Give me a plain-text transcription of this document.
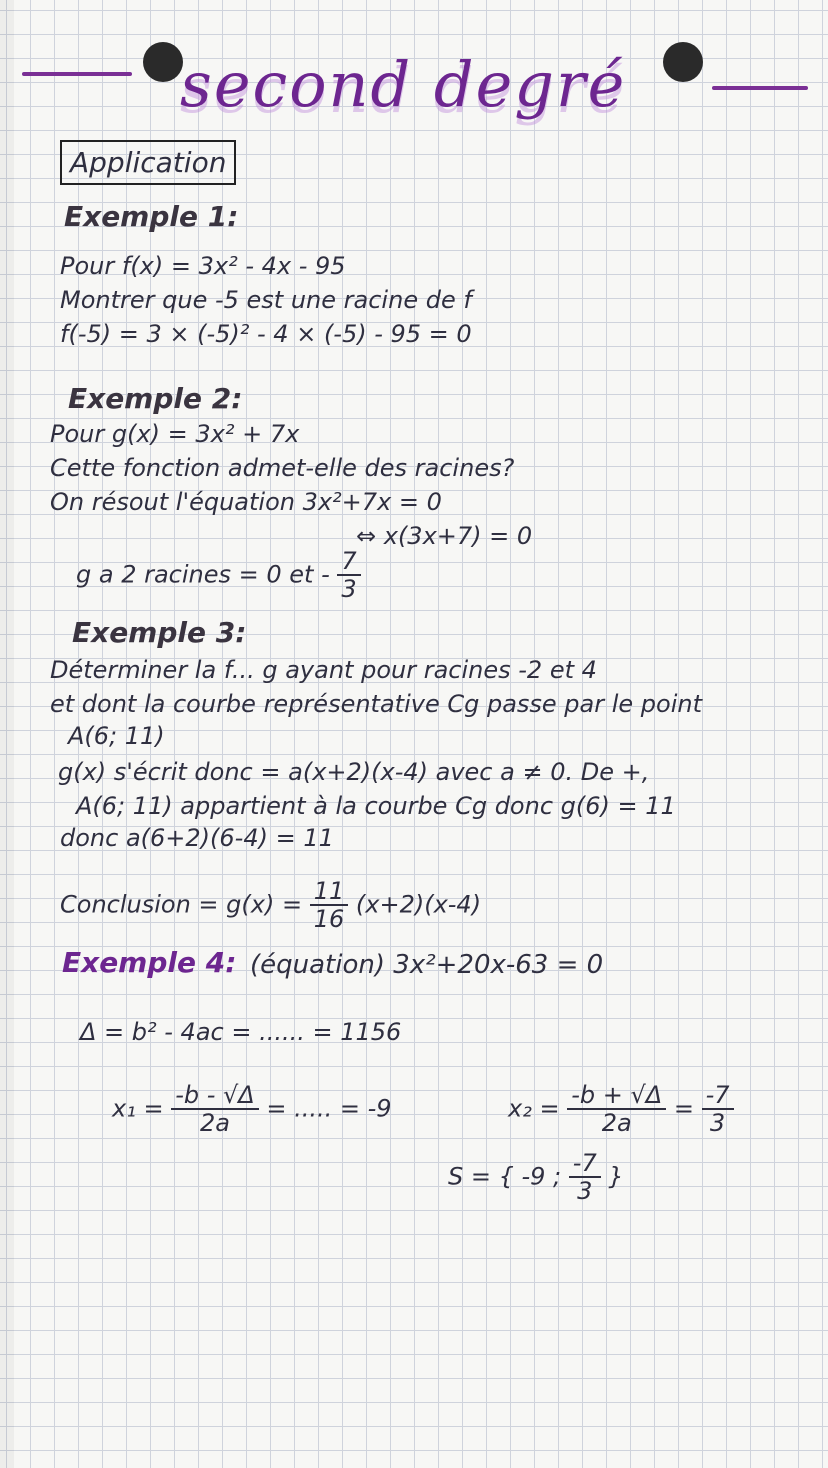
second degré
Application
Exemple 1:
Pour f(x) = 3x² - 4x - 95
Montrer que -5 est une racine de f
f(-5) = 3 × (-5)² - 4 × (-5) - 95 = 0
Exemple 2:
Pour g(x) = 3x² + 7x
Cette fonction admet-elle des racines?
On résout l'équation 3x²+7x = 0
⇔ x(3x+7) = 0
g a 2 racines = 0 et - $\frac{7}{3}$
Exemple 3:
Déterminer la f... g ayant pour racines -2 et 4
et dont la courbe représentative Cg passe par le point
A(6; 11)
g(x) s'écrit donc = a(x+2)(x-4) avec a ≠ 0. De +,
A(6; 11) appartient à la courbe Cg donc g(6) = 11
donc a(6+2)(6-4) = 11
Conclusion = $g(x) = \frac{11}{16} (x+2)(x-4)$
Exemple 4: (équation) 3x²+20x-63 = 0
Δ = b² - 4ac = ...... = 1156
$x_1 = \frac{-b - √\Delta}{2a}$ = ..... = -9	$x_2 = \frac{-b + √\Delta}{2a} = \frac{-7}{3}$
S = { -9 ; $\frac{-7}{3}$ }
